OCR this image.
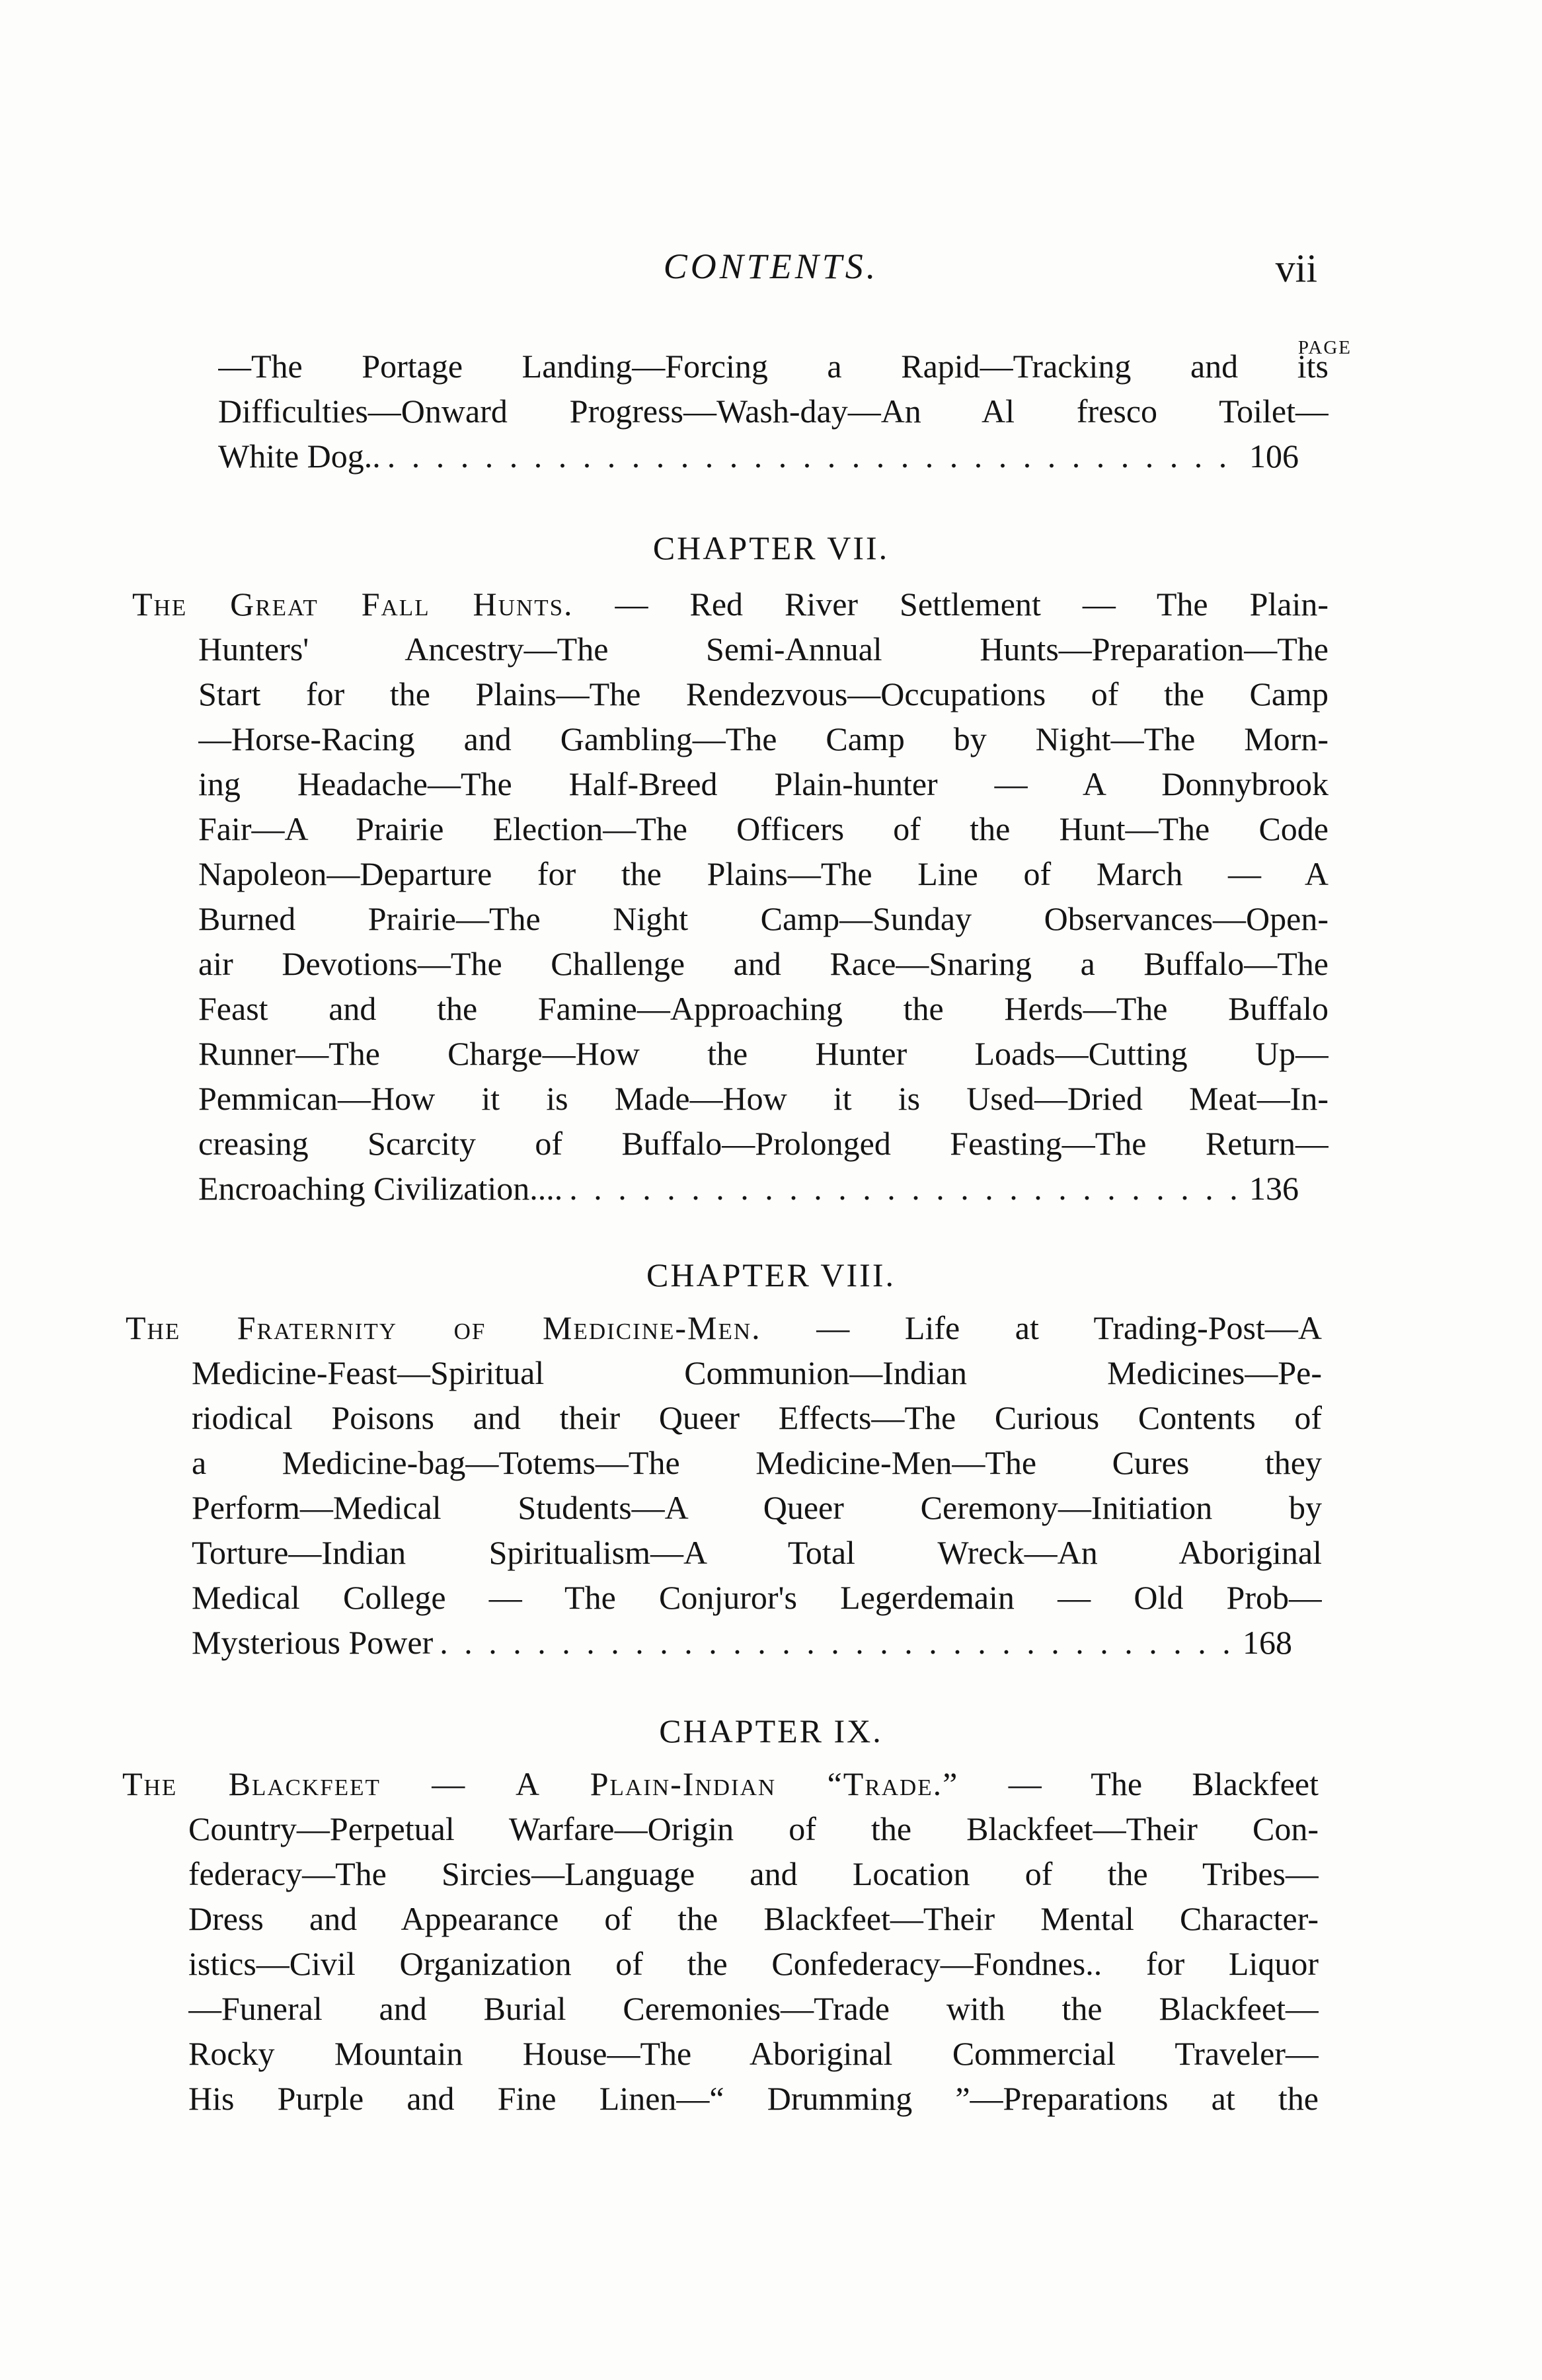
CONTENTS.	vii
PAGE
—The Portage Landing—Forcing a Rapid—Tracking and its
Difficulties—Onward Progress—Wash-day—An Al fresco Toilet—
White Dog.. . . .	106
CHAPTER VII.
The Great Fall Hunts. — Red River Settlement — The Plain-
Hunters' Ancestry—The Semi-Annual Hunts—Preparation—The
Start for the Plains—The Rendezvous—Occupations of the Camp
—Horse-Racing and Gambling—The Camp by Night—The Morn-
ing Headache—The Half-Breed Plain-hunter — A Donnybrook
Fair—A Prairie Election—The Officers of the Hunt—The Code
Napoleon—Departure for the Plains—The Line of March — A
Burned Prairie—The Night Camp—Sunday Observances—Open-
air Devotions—The Challenge and Race—Snaring a Buffalo—The
Feast and the Famine—Approaching the Herds—The Buffalo
Runner—The Charge—How the Hunter Loads—Cutting Up—
Pemmican—How it is Made—How it is Used—Dried Meat—In-
creasing Scarcity of Buffalo—Prolonged Feasting—The Return—
Encroaching Civilization.... . . .	136
CHAPTER VIII.
The Fraternity of Medicine-Men. — Life at Trading-Post—A
Medicine-Feast—Spiritual Communion—Indian Medicines—Pe-
riodical Poisons and their Queer Effects—The Curious Contents of
a Medicine-bag—Totems—The Medicine-Men—The Cures they
Perform—Medical Students—A Queer Ceremony—Initiation by
Torture—Indian Spiritualism—A Total Wreck—An Aboriginal
Medical College — The Conjuror's Legerdemain — Old Prob—
Mysterious Power . . .	168
CHAPTER IX.
The Blackfeet — A Plain-Indian “Trade.” — The Blackfeet
Country—Perpetual Warfare—Origin of the Blackfeet—Their Con-
federacy—The Sircies—Language and Location of the Tribes—
Dress and Appearance of the Blackfeet—Their Mental Character-
istics—Civil Organization of the Confederacy—Fondnes.. for Liquor
—Funeral and Burial Ceremonies—Trade with the Blackfeet—
Rocky Mountain House—The Aboriginal Commercial Traveler—
His Purple and Fine Linen—“ Drumming ”—Preparations at the
